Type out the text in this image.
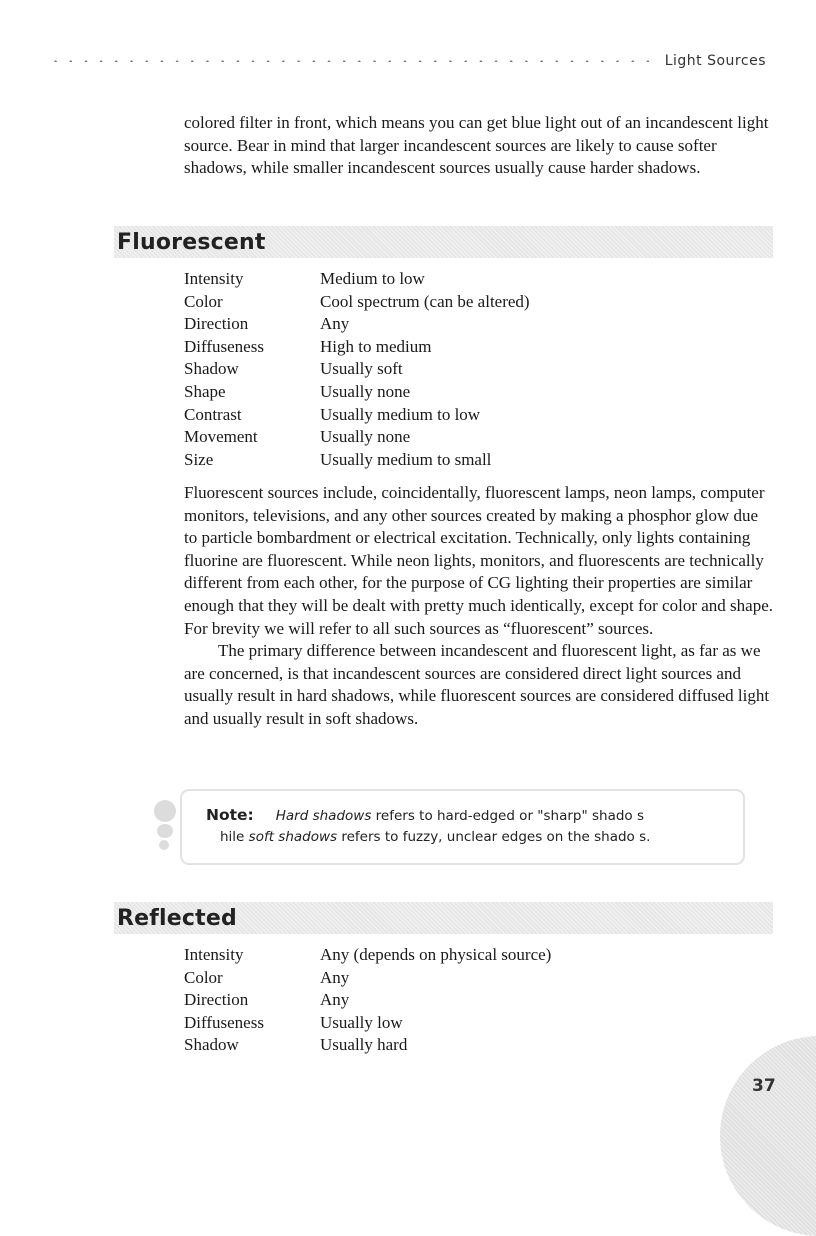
Light Sources

colored filter in front, which means you can get blue light out of an incandescent light source. Bear in mind that larger incandescent sources are likely to cause softer shadows, while smaller incandescent sources usually cause harder shadows.

Fluorescent
Intensity	Medium to low
Color	Cool spectrum (can be altered)
Direction	Any
Diffuseness	High to medium
Shadow	Usually soft
Shape	Usually none
Contrast	Usually medium to low
Movement	Usually none
Size	Usually medium to small

Fluorescent sources include, coincidentally, fluorescent lamps, neon lamps, computer monitors, televisions, and any other sources created by making a phosphor glow due to particle bombardment or electrical excitation. Technically, only lights containing fluorine are fluorescent. While neon lights, monitors, and fluorescents are technically different from each other, for the purpose of CG lighting their properties are similar enough that they will be dealt with pretty much identically, except for color and shape. For brevity we will refer to all such sources as “fluorescent” sources.

The primary difference between incandescent and fluorescent light, as far as we are concerned, is that incandescent sources are considered direct light sources and usually result in hard shadows, while fluorescent sources are considered diffused light and usually result in soft shadows.

Note: Hard shadows refers to hard-edged or "sharp" shado s
hile soft shadows refers to fuzzy, unclear edges on the shado s.
Reflected
Intensity	Any (depends on physical source)
Color	Any
Direction	Any
Diffuseness	Usually low
Shadow	Usually hard
37
